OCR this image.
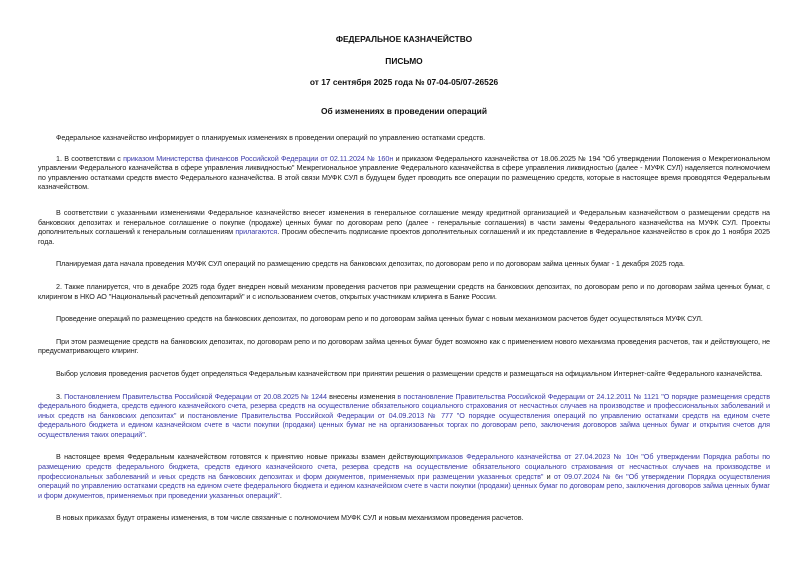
ФЕДЕРАЛЬНОЕ КАЗНАЧЕЙСТВО

ПИСЬМО

от 17 сентября 2025 года № 07-04-05/07-26526

Об изменениях в проведении операций

Федеральное казначейство информирует о планируемых изменениях в проведении операций по управлению остатками средств.

1. В соответствии с приказом Министерства финансов Российской Федерации от 02.11.2024 № 160н и приказом Федерального казначейства от 18.06.2025 № 194 "Об утверждении Положения о Межрегиональном управлении Федерального казначейства в сфере управления ликвидностью" Межрегиональное управление Федерального казначейства в сфере управления ликвидностью (далее - МУФК СУЛ) наделяется полномочием по управлению остатками средств вместо Федерального казначейства. В этой связи МУФК СУЛ в будущем будет проводить все операции по размещению средств, которые в настоящее время проводятся Федеральным казначейством.

В соответствии с указанными изменениями Федеральное казначейство внесет изменения в генеральное соглашение между кредитной организацией и Федеральным казначейством о размещении средств на банковских депозитах и генеральное соглашение о покупке (продаже) ценных бумаг по договорам репо (далее - генеральные соглашения) в части замены Федерального казначейства на МУФК СУЛ. Проекты дополнительных соглашений к генеральным соглашениям прилагаются. Просим обеспечить подписание проектов дополнительных соглашений и их представление в Федеральное казначейство в срок до 1 ноября 2025 года.

Планируемая дата начала проведения МУФК СУЛ операций по размещению средств на банковских депозитах, по договорам репо и по договорам займа ценных бумаг - 1 декабря 2025 года.

2. Также планируется, что в декабре 2025 года будет внедрен новый механизм проведения расчетов при размещении средств на банковских депозитах, по договорам репо и по договорам займа ценных бумаг, с клирингом в НКО АО "Национальный расчетный депозитарий" и с использованием счетов, открытых участникам клиринга в Банке России.

Проведение операций по размещению средств на банковских депозитах, по договорам репо и по договорам займа ценных бумаг с новым механизмом расчетов будет осуществляться МУФК СУЛ.

При этом размещение средств на банковских депозитах, по договорам репо и по договорам займа ценных бумаг будет возможно как с применением нового механизма проведения расчетов, так и действующего, не предусматривающего клиринг.

Выбор условия проведения расчетов будет определяться Федеральным казначейством при принятии решения о размещении средств и размещаться на официальном Интернет-сайте Федерального казначейства.

3. Постановлением Правительства Российской Федерации от 20.08.2025 № 1244 внесены изменения в постановление Правительства Российской Федерации от 24.12.2011 № 1121 "О порядке размещения средств федерального бюджета, средств единого казначейского счета, резерва средств на осуществление обязательного социального страхования от несчастных случаев на производстве и профессиональных заболеваний и иных средств на банковских депозитах" и постановление Правительства Российской Федерации от 04.09.2013 № 777 "О порядке осуществления операций по управлению остатками средств на едином счете федерального бюджета и едином казначейском счете в части покупки (продажи) ценных бумаг не на организованных торгах по договорам репо, заключения договоров займа ценных бумаг и открытия счетов для осуществления таких операций".

В настоящее время Федеральным казначейством готовятся к принятию новые приказы взамен действующихприказов Федерального казначейства от 27.04.2023 № 10н "Об утверждении Порядка работы по размещению средств федерального бюджета, средств единого казначейского счета, резерва средств на осуществление обязательного социального страхования от несчастных случаев на производстве и профессиональных заболеваний и иных средств на банковских депозитах и форм документов, применяемых при размещении указанных средств" и от 09.07.2024 № 6н "Об утверждении Порядка осуществления операций по управлению остатками средств на едином счете федерального бюджета и едином казначейском счете в части покупки (продажи) ценных бумаг по договорам репо, заключения договоров займа ценных бумаг и форм документов, применяемых при проведении указанных операций".

В новых приказах будут отражены изменения, в том числе связанные с полномочием МУФК СУЛ и новым механизмом проведения расчетов.
